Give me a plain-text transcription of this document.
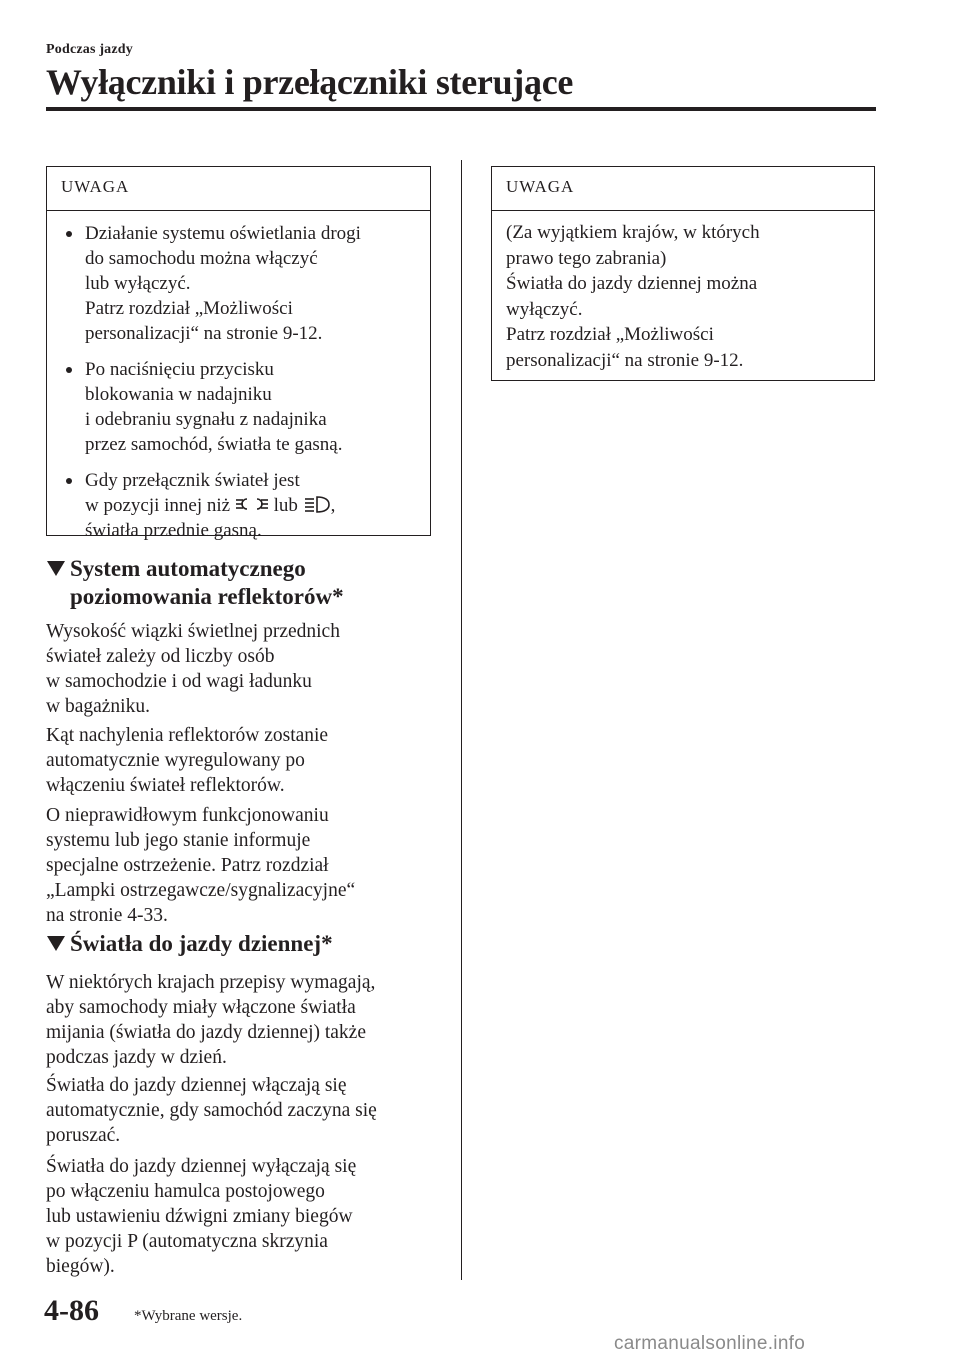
Podczas jazdy
Wyłączniki i przełączniki sterujące
UWAGA
Działanie systemu oświetlania drogi
do samochodu można włączyć
lub wyłączyć.
Patrz rozdział „Możliwości
personalizacji“ na stronie 9-12.
Po naciśnięciu przycisku
blokowania w nadajniku
i odebraniu sygnału z nadajnika
przez samochód, światła te gasną.
Gdy przełącznik świateł jest
w pozycji innej niż lub ,
światła przednie gasną.
System automatycznego
poziomowania reflektorów*

Wysokość wiązki świetlnej przednich
świateł zależy od liczby osób
w samochodzie i od wagi ładunku
w bagażniku.

Kąt nachylenia reflektorów zostanie
automatycznie wyregulowany po
włączeniu świateł reflektorów.

O nieprawidłowym funkcjonowaniu
systemu lub jego stanie informuje
specjalne ostrzeżenie. Patrz rozdział
„Lampki ostrzegawcze/sygnalizacyjne“
na stronie 4-33.

Światła do jazdy dziennej*

W niektórych krajach przepisy wymagają,
aby samochody miały włączone światła
mijania (światła do jazdy dziennej) także
podczas jazdy w dzień.

Światła do jazdy dziennej włączają się
automatycznie, gdy samochód zaczyna się
poruszać.

Światła do jazdy dziennej wyłączają się
po włączeniu hamulca postojowego
lub ustawieniu dźwigni zmiany biegów
w pozycji P (automatyczna skrzynia
biegów).

UWAGA
(Za wyjątkiem krajów, w których
prawo tego zabrania)
Światła do jazdy dziennej można
wyłączyć.
Patrz rozdział „Możliwości
personalizacji“ na stronie 9-12.
4-86 *Wybrane wersje.
carmanualsonline.info
